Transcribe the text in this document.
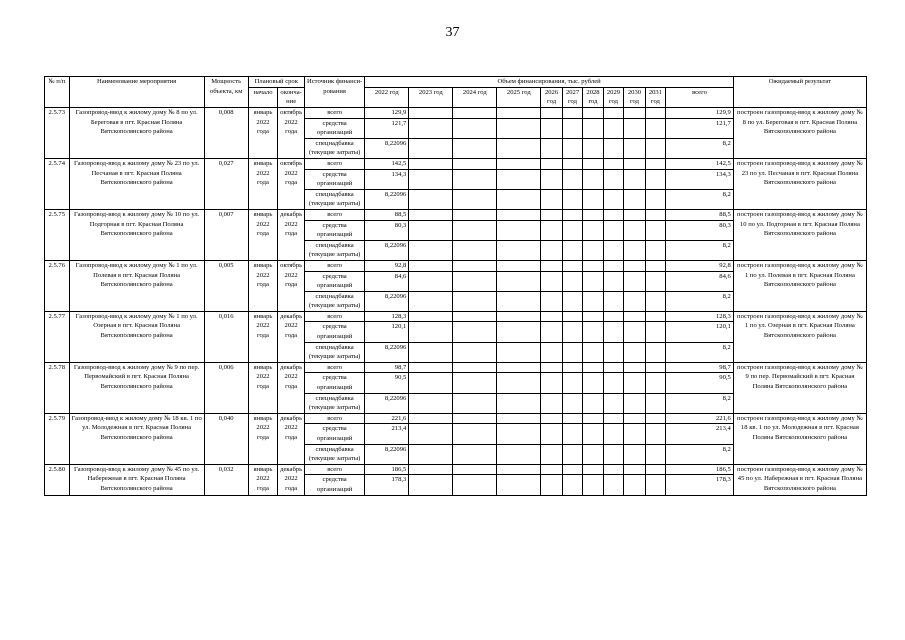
37
№ п/п	Наименование мероприятия	Мощность объекта, км	Плановый срок		Источник финанси-рования	Объем финансирования, тыс. рублей											Ожидаемый результат
			начало	оконча-ние		2022 год	2023 год	2024 год	2025 год	2026 год	2027 год	2028 год	2029 год	2030 год	2031 год	всего	
2.5.73	Газопровод-ввод к жилому дому № 8 по ул. Береговая в пгт. Красная Поляна Вятскополянского района	0,008	январь 2022 года	октябрь 2022 года	всего	129,9										129,9	построен газопровод-ввод к жилому дому № 8 по ул. Береговая в пгт. Красная Поляна Вятскополянского района
					средства организаций	121,7										121,7	
					спецнадбавка (текущие затраты)	8,22096										8,2	
2.5.74	Газопровод-ввод к жилому дому № 23 по ул. Песчаная в пгт. Красная Поляна Вятскополянского района	0,027	январь 2022 года	октябрь 2022 года	всего	142,5										142,5	построен газопровод-ввод к жилому дому № 23 по ул. Песчаная в пгт. Красная Поляна Вятскополянского района
					средства организаций	134,3										134,3	
					спецнадбавка (текущие затраты)	8,22096										8,2	
2.5.75	Газопровод-ввод к жилому дому № 10 по ул. Подгорная в пгт. Красная Поляна Вятскополянского района	0,007	январь 2022 года	декабрь 2022 года	всего	88,5										88,5	построен газопровод-ввод к жилому дому № 10 по ул. Подгорная в пгт. Красная Поляна Вятскополянского района
					средства организаций	80,3										80,3	
					спецнадбавка (текущие затраты)	8,22096										8,2	
2.5.76	Газопровод-ввод к жилому дому № 1 по ул. Полевая в пгт. Красная Поляна Вятскополянского района	0,005	январь 2022 года	октябрь 2022 года	всего	92,8										92,8	построен газопровод-ввод к жилому дому № 1 по ул. Полевая в пгт. Красная Поляна Вятскополянского района
					средства организаций	84,6										84,6	
					спецнадбавка (текущие затраты)	8,22096										8,2	
2.5.77	Газопровод-ввод к жилому дому № 1 по ул. Озерная в пгт. Красная Поляна Вятскополянского района	0,016	январь 2022 года	декабрь 2022 года	всего	128,3										128,3	построен газопровод-ввод к жилому дому № 1 по ул. Озерная в пгт. Красная Поляна Вятскополянского района
					средства организаций	120,1										120,1	
					спецнадбавка (текущие затраты)	8,22096										8,2	
2.5.78	Газопровод-ввод к жилому дому № 9 по пер. Первомайский в пгт. Красная Поляна Вятскополянского района	0,006	январь 2022 года	декабрь 2022 года	всего	98,7										98,7	построен газопровод-ввод к жилому дому № 9 по пер. Первомайский в пгт. Красная Поляна Вятскополянского района
					средства организаций	90,5										90,5	
					спецнадбавка (текущие затраты)	8,22096										8,2	
2.5.79	Газопровод-ввод к жилому дому № 18 кв. 1 по ул. Молодежная в пгт. Красная Поляна Вятскополянского района	0,040	январь 2022 года	декабрь 2022 года	всего	221,6										221,6	построен газопровод-ввод к жилому дому № 18 кв. 1 по ул. Молодежная в пгт. Красная Поляна Вятскополянского района
					средства организаций	213,4										213,4	
					спецнадбавка (текущие затраты)	8,22096										8,2	
2.5.80	Газопровод-ввод к жилому дому № 45 по ул. Набережная в пгт. Красная Поляна Вятскополянского района	0,032	январь 2022 года	декабрь 2022 года	всего	186,5										186,5	построен газопровод-ввод к жилому дому № 45 по ул. Набережная в пгт. Красная Поляна Вятскополянского района
					средства организаций	178,3										178,3	
